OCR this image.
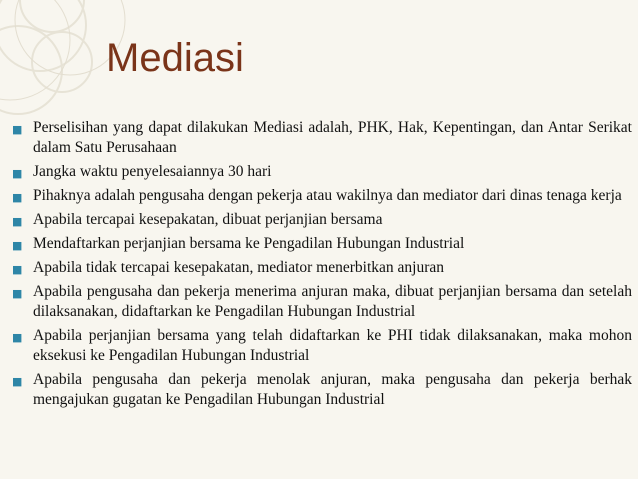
Mediasi
■ Perselisihan yang dapat dilakukan Mediasi adalah, PHK, Hak, Kepentingan, dan Antar Serikat dalam Satu Perusahaan
■ Jangka waktu penyelesaiannya 30 hari
■ Pihaknya adalah pengusaha dengan pekerja atau wakilnya dan mediator dari dinas tenaga kerja
■ Apabila tercapai kesepakatan, dibuat perjanjian bersama
■ Mendaftarkan perjanjian bersama ke Pengadilan Hubungan Industrial
■ Apabila tidak tercapai kesepakatan, mediator menerbitkan anjuran
■ Apabila pengusaha dan pekerja menerima anjuran maka, dibuat perjanjian bersama dan setelah dilaksanakan, didaftarkan ke Pengadilan Hubungan Industrial
■ Apabila perjanjian bersama yang telah didaftarkan ke PHI tidak dilaksanakan, maka mohon eksekusi ke Pengadilan Hubungan Industrial
■ Apabila pengusaha dan pekerja menolak anjuran, maka pengusaha dan pekerja berhak mengajukan gugatan ke Pengadilan Hubungan Industrial
